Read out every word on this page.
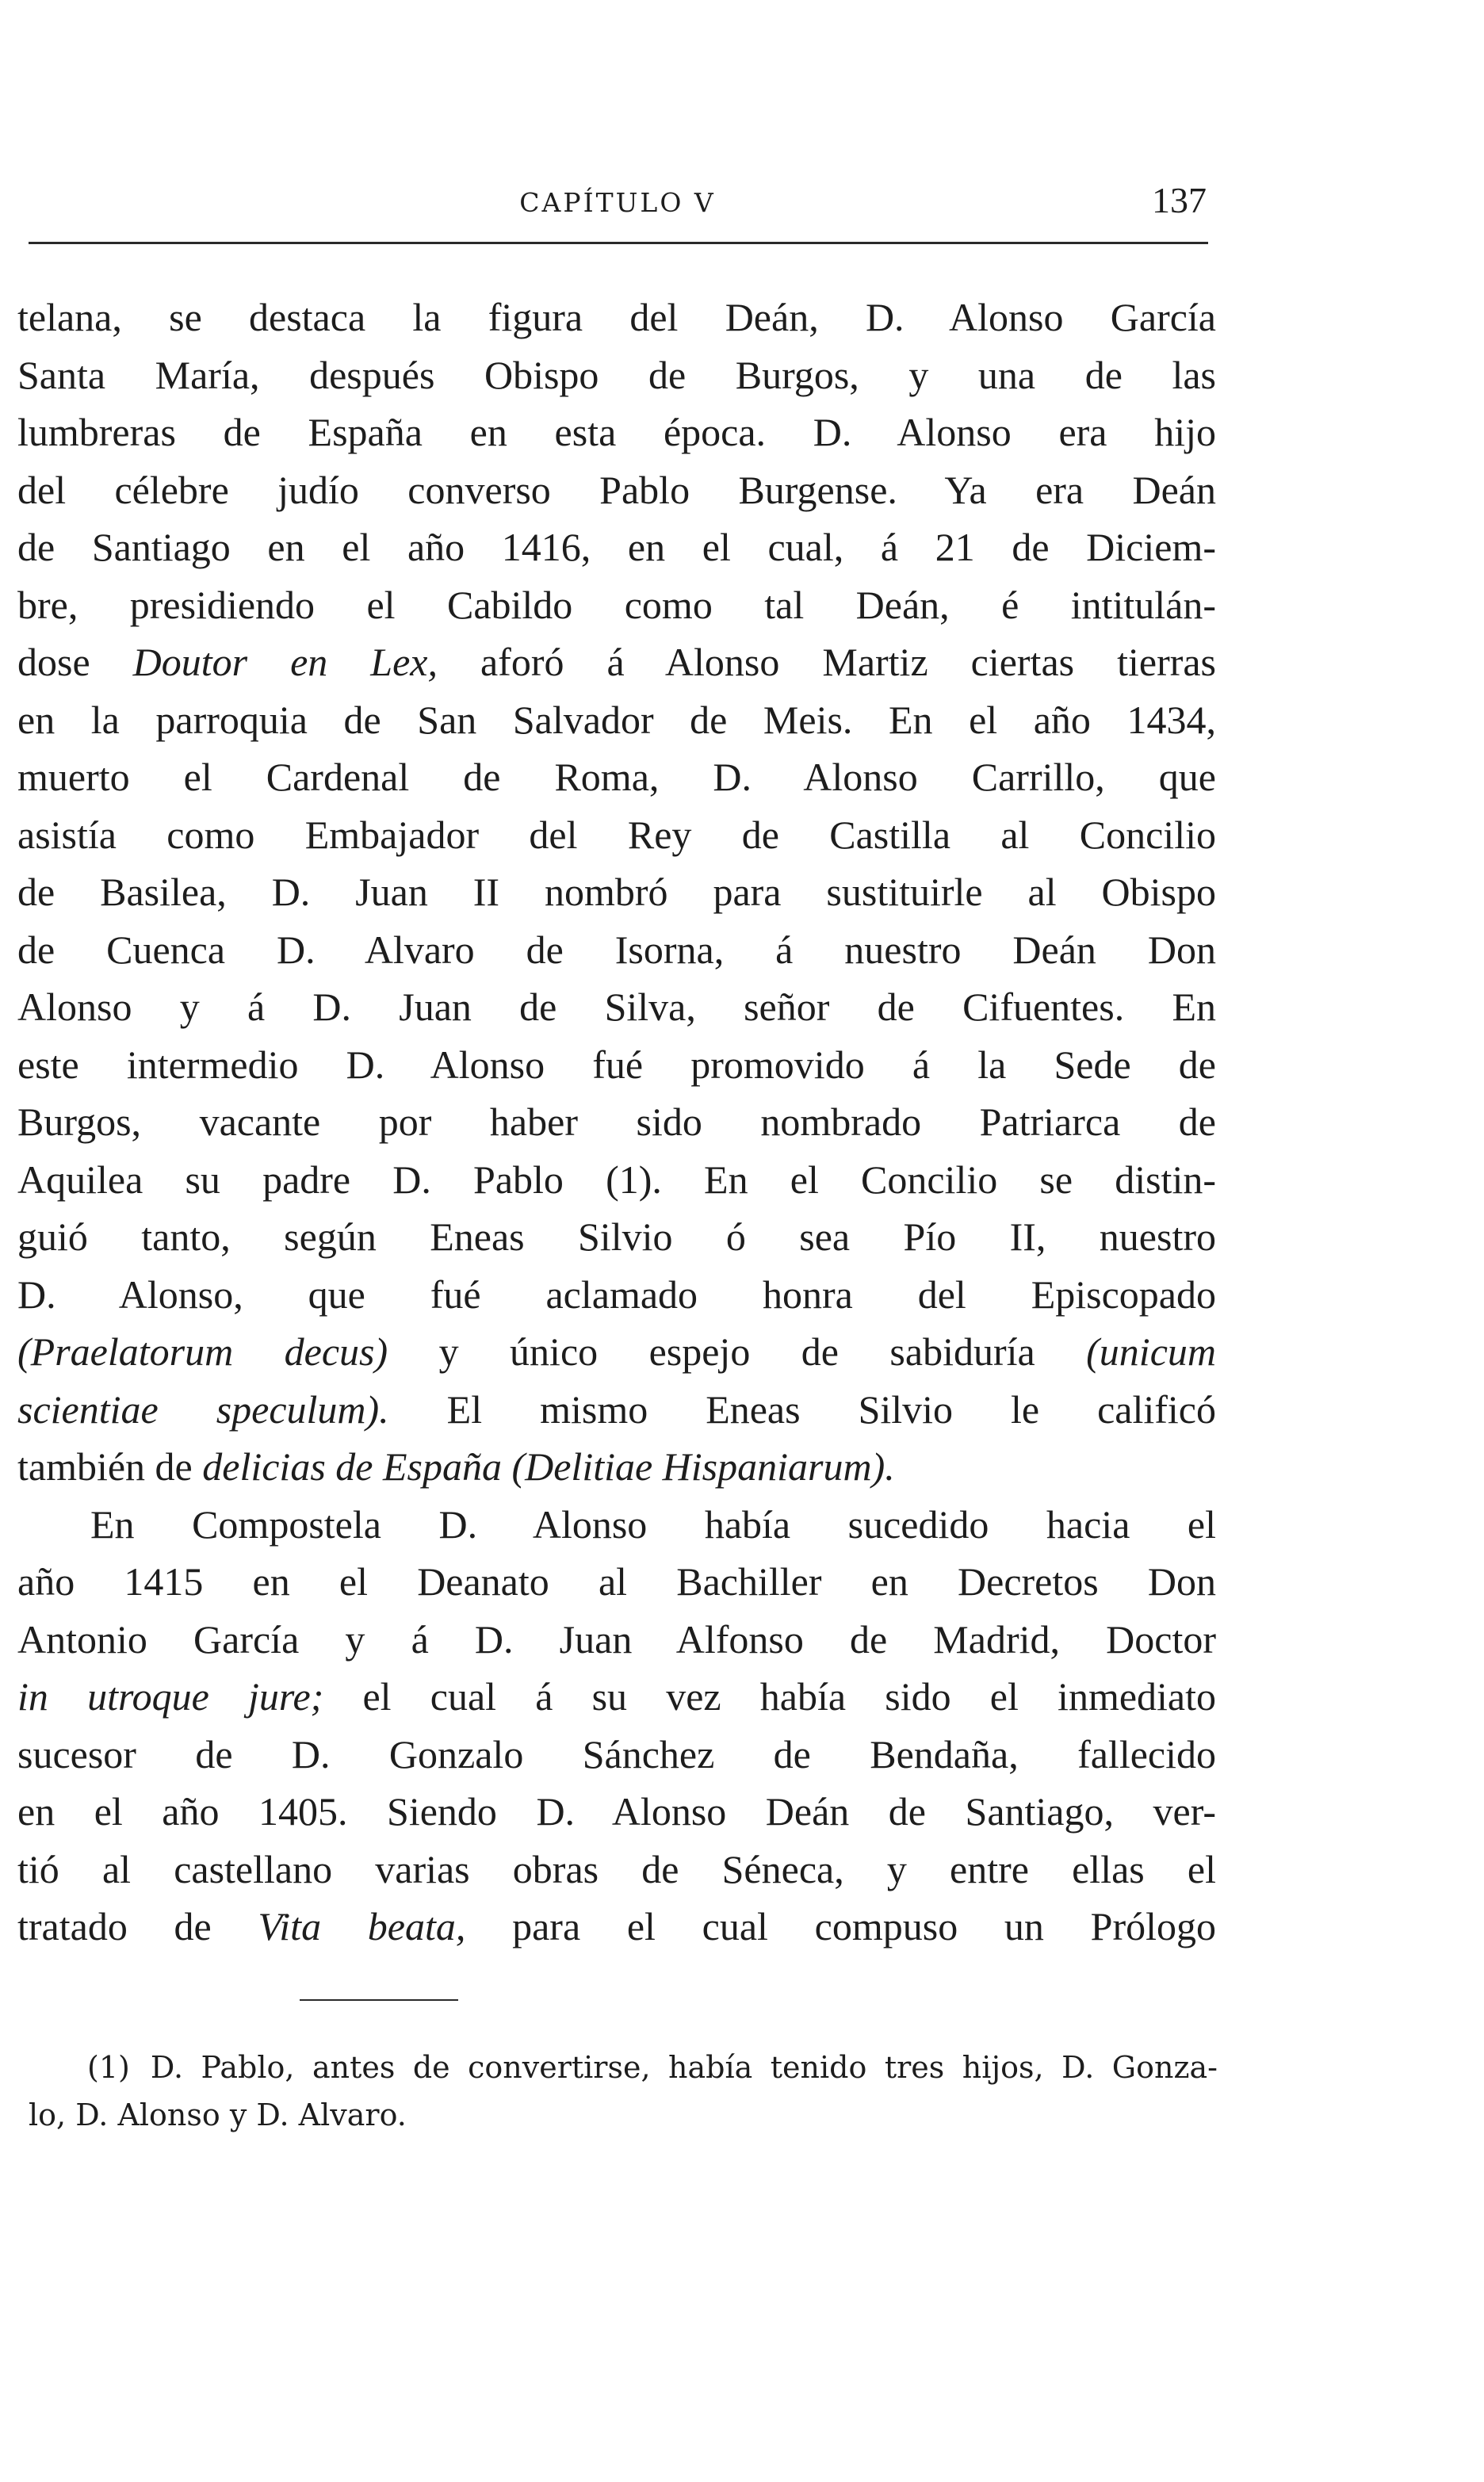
CAPÍTULO V	137
telana, se destaca la figura del Deán, D. Alonso García
Santa María, después Obispo de Burgos, y una de las
lumbreras de España en esta época. D. Alonso era hijo
del célebre judío converso Pablo Burgense. Ya era Deán
de Santiago en el año 1416, en el cual, á 21 de Diciem-
bre, presidiendo el Cabildo como tal Deán, é intitulán-
dose Doutor en Lex, aforó á Alonso Martiz ciertas tierras
en la parroquia de San Salvador de Meis. En el año 1434,
muerto el Cardenal de Roma, D. Alonso Carrillo, que
asistía como Embajador del Rey de Castilla al Concilio
de Basilea, D. Juan II nombró para sustituirle al Obispo
de Cuenca D. Alvaro de Isorna, á nuestro Deán Don
Alonso y á D. Juan de Silva, señor de Cifuentes. En
este intermedio D. Alonso fué promovido á la Sede de
Burgos, vacante por haber sido nombrado Patriarca de
Aquilea su padre D. Pablo (1). En el Concilio se distin-
guió tanto, según Eneas Silvio ó sea Pío II, nuestro
D. Alonso, que fué aclamado honra del Episcopado
(Praelatorum decus) y único espejo de sabiduría (unicum
scientiae speculum). El mismo Eneas Silvio le calificó
también de delicias de España (Delitiae Hispaniarum).
En Compostela D. Alonso había sucedido hacia el
año 1415 en el Deanato al Bachiller en Decretos Don
Antonio García y á D. Juan Alfonso de Madrid, Doctor
in utroque jure; el cual á su vez había sido el inmediato
sucesor de D. Gonzalo Sánchez de Bendaña, fallecido
en el año 1405. Siendo D. Alonso Deán de Santiago, ver-
tió al castellano varias obras de Séneca, y entre ellas el
tratado de Vita beata, para el cual compuso un Prólogo
(1) D. Pablo, antes de convertirse, había tenido tres hijos, D. Gonza-
lo, D. Alonso y D. Alvaro.
